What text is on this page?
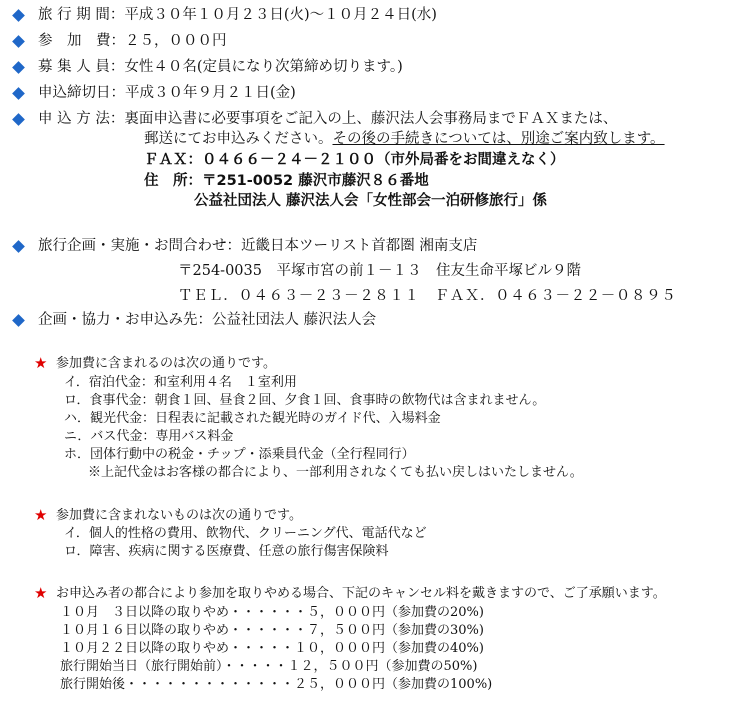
旅 行 期 間：平成３０年１０月２３日(火)～１０月２４日(水)
参　加　費：２５，０００円
募 集 人 員：女性４０名(定員になり次第締め切ります。)
申込締切日：平成３０年９月２１日(金)
申 込 方 法：裏面申込書に必要事項をご記入の上、藤沢法人会事務局までＦＡＸまたは、
郵送にてお申込みください。その後の手続きについては、別途ご案内致します。
ＦＡＸ：０４６６－２４－２１００（市外局番をお間違えなく）
住　所：〒251-0052 藤沢市藤沢８６番地
公益社団法人 藤沢法人会「女性部会一泊研修旅行」係
旅行企画・実施・お問合わせ：近畿日本ツーリスト首都圏 湘南支店
〒254-0035　平塚市宮の前１－１３　住友生命平塚ビル９階
ＴＥＬ．０４６３－２３－２８１１　ＦＡＸ．０４６３－２２－０８９５
企画・協力・お申込み先：公益社団法人 藤沢法人会
★ 参加費に含まれるのは次の通りです。
イ．宿泊代金：和室利用４名　１室利用
ロ．食事代金：朝食１回、昼食２回、夕食１回、食事時の飲物代は含まれません。
ハ．観光代金：日程表に記載された観光時のガイド代、入場料金
ニ．バス代金：専用バス料金
ホ．団体行動中の税金・チップ・添乗員代金（全行程同行）
※上記代金はお客様の都合により、一部利用されなくても払い戻しはいたしません。
★ 参加費に含まれないものは次の通りです。
イ．個人的性格の費用、飲物代、クリーニング代、電話代など
ロ．障害、疾病に関する医療費、任意の旅行傷害保険料
★ お申込み者の都合により参加を取りやめる場合、下記のキャンセル料を戴きますので、ご了承願います。
１０月　３日以降の取りやめ・・・・・・５，０００円（参加費の20%)
１０月１６日以降の取りやめ・・・・・・７，５００円（参加費の30%)
１０月２２日以降の取りやめ・・・・・１０，０００円（参加費の40%)
旅行開始当日（旅行開始前）・・・・・１２，５００円（参加費の50%)
旅行開始後・・・・・・・・・・・・・２５，０００円（参加費の100%)
